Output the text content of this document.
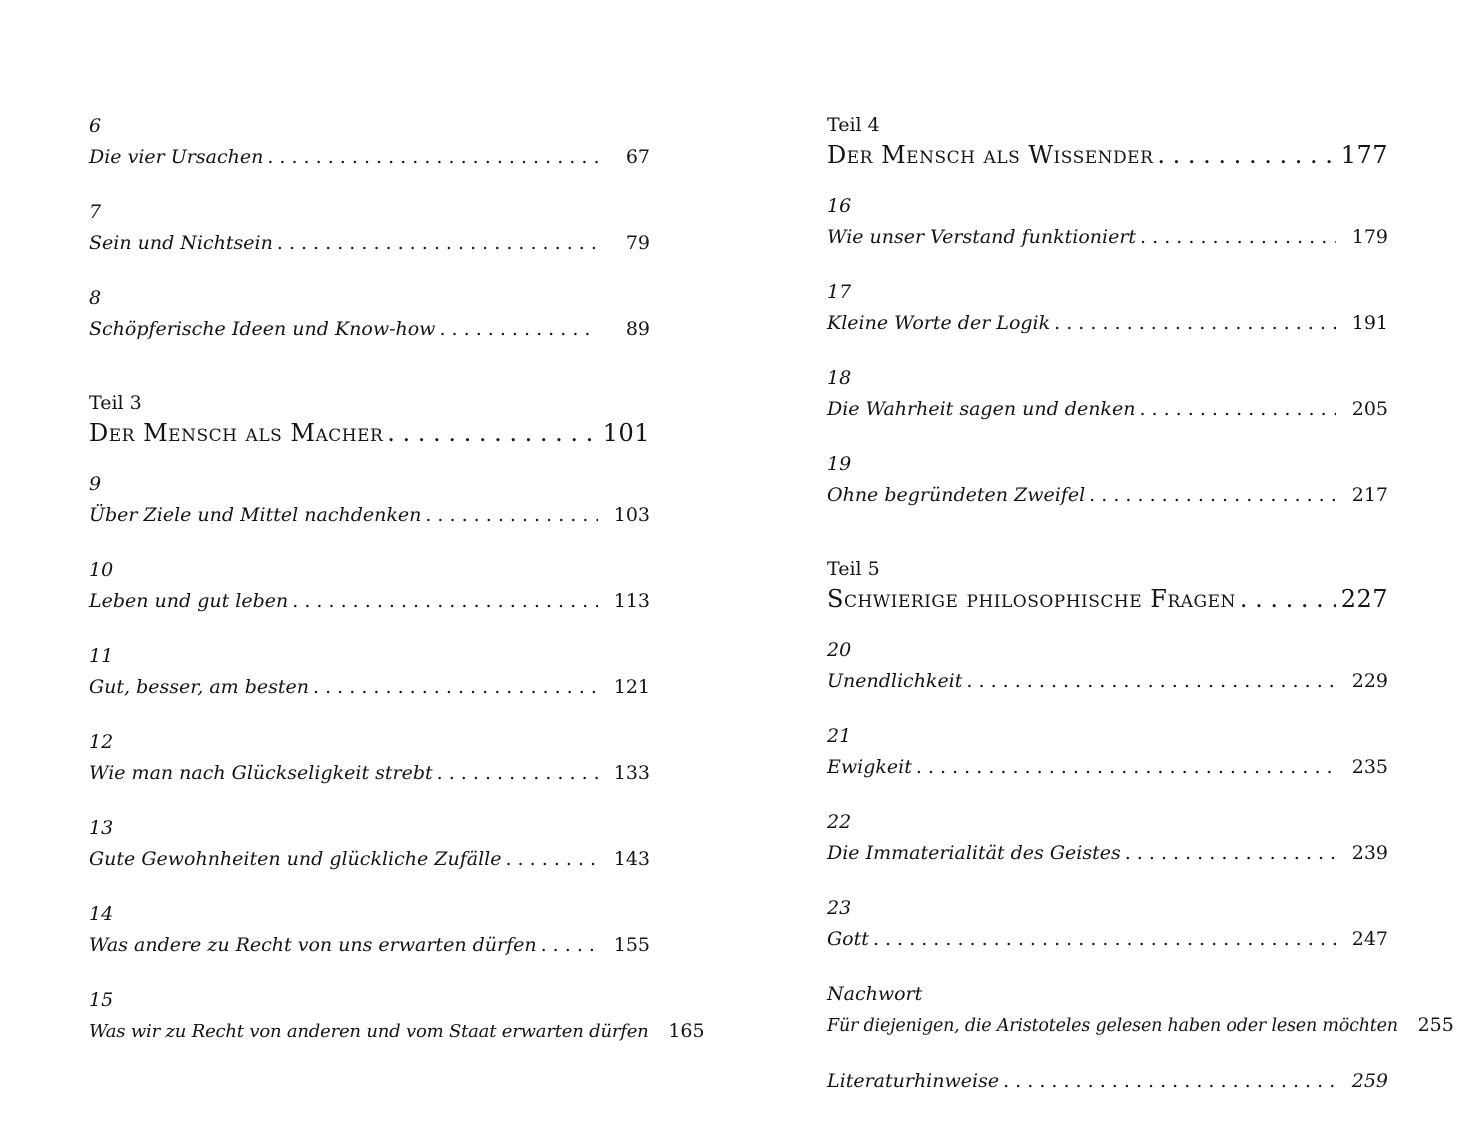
6
Die vier Ursachen . . .	67
7
Sein und Nichtsein . . .	79
8
Schöpferische Ideen und Know-how . . .	89
Teil 3
Der Mensch als Macher . . .	101
9
Über Ziele und Mittel nachdenken . . .	103
10
Leben und gut leben . . .	113
11
Gut, besser, am besten . . .	121
12
Wie man nach Glückseligkeit strebt . . .	133
13
Gute Gewohnheiten und glückliche Zufälle . . .	143
14
Was andere zu Recht von uns erwarten dürfen . . .	155
15
Was wir zu Recht von anderen und vom Staat erwarten dürfen	165
Teil 4
Der Mensch als Wissender . . .	177
16
Wie unser Verstand funktioniert . . .	179
17
Kleine Worte der Logik . . .	191
18
Die Wahrheit sagen und denken . . .	205
19
Ohne begründeten Zweifel . . .	217
Teil 5
Schwierige philosophische Fragen . . .	227
20
Unendlichkeit . . .	229
21
Ewigkeit . . .	235
22
Die Immaterialität des Geistes . . .	239
23
Gott . . .	247
Nachwort
Für diejenigen, die Aristoteles gelesen haben oder lesen möchten	255
Literaturhinweise . . .	259
